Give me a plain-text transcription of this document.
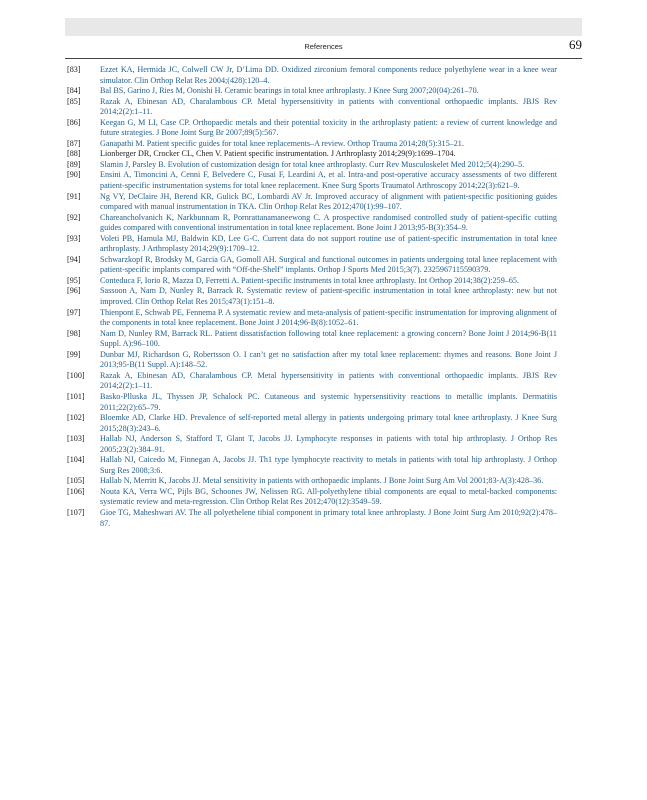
References	69
[83]	Ezzet KA, Hermida JC, Colwell CW Jr, D’Lima DD. Oxidized zirconium femoral components reduce polyethylene wear in a knee wear simulator. Clin Orthop Relat Res 2004;(428):120–4.
[84]	Bal BS, Garino J, Ries M, Oonishi H. Ceramic bearings in total knee arthroplasty. J Knee Surg 2007;20(04):261–70.
[85]	Razak A, Ebinesan AD, Charalambous CP. Metal hypersensitivity in patients with conventional orthopaedic implants. JBJS Rev 2014;2(2):1–11.
[86]	Keegan G, M LI, Case CP. Orthopaedic metals and their potential toxicity in the arthroplasty patient: a review of current knowledge and future strategies. J Bone Joint Surg Br 2007;89(5):567.
[87]	Ganapathi M. Patient specific guides for total knee replacements–A review. Orthop Trauma 2014;28(5):315–21.
[88]	Lionberger DR, Crocker CL, Chen V. Patient specific instrumentation. J Arthroplasty 2014;29(9):1699–1704.
[89]	Slamin J, Parsley B. Evolution of customization design for total knee arthroplasty. Curr Rev Musculoskelet Med 2012;5(4):290–5.
[90]	Ensini A, Timoncini A, Cenni F, Belvedere C, Fusai F, Leardini A, et al. Intra-and post-operative accuracy assessments of two different patient-specific instrumentation systems for total knee replacement. Knee Surg Sports Traumatol Arthroscopy 2014;22(3):621–9.
[91]	Ng VY, DeClaire JH, Berend KR, Gulick BC, Lombardi AV Jr. Improved accuracy of alignment with patient-specific positioning guides compared with manual instrumentation in TKA. Clin Orthop Relat Res 2012;470(1):99–107.
[92]	Chareancholvanich K, Narkbunnam R, Pornrattanamaneewong C. A prospective randomised controlled study of patient-specific cutting guides compared with conventional instrumentation in total knee replacement. Bone Joint J 2013;95-B(3):354–9.
[93]	Voleti PB, Hamula MJ, Baldwin KD, Lee G-C. Current data do not support routine use of patient-specific instrumentation in total knee arthroplasty. J Arthroplasty 2014;29(9):1709–12.
[94]	Schwarzkopf R, Brodsky M, Garcia GA, Gomoll AH. Surgical and functional outcomes in patients undergoing total knee replacement with patient-specific implants compared with “Off-the-Shelf” implants. Orthop J Sports Med 2015;3(7). 2325967115590379.
[95]	Conteduca F, Iorio R, Mazza D, Ferretti A. Patient-specific instruments in total knee arthroplasty. Int Orthop 2014;38(2):259–65.
[96]	Sassoon A, Nam D, Nunley R, Barrack R. Systematic review of patient-specific instrumentation in total knee arthroplasty: new but not improved. Clin Orthop Relat Res 2015;473(1):151–8.
[97]	Thienpont E, Schwab PE, Fennema P. A systematic review and meta-analysis of patient-specific instrumentation for improving alignment of the components in total knee replacement. Bone Joint J 2014;96-B(8):1052–61.
[98]	Nam D, Nunley RM, Barrack RL. Patient dissatisfaction following total knee replacement: a growing concern? Bone Joint J 2014;96-B(11 Suppl. A):96–100.
[99]	Dunbar MJ, Richardson G, Robertsson O. I can’t get no satisfaction after my total knee replacement: rhymes and reasons. Bone Joint J 2013;95-B(11 Suppl. A):148–52.
[100]	Razak A, Ebinesan AD, Charalambous CP. Metal hypersensitivity in patients with conventional orthopaedic implants. JBJS Rev 2014;2(2):1–11.
[101]	Basko-Plluska JL, Thyssen JP, Schalock PC. Cutaneous and systemic hypersensitivity reactions to metallic implants. Dermatitis 2011;22(2):65–79.
[102]	Bloemke AD, Clarke HD. Prevalence of self-reported metal allergy in patients undergoing primary total knee arthroplasty. J Knee Surg 2015;28(3):243–6.
[103]	Hallab NJ, Anderson S, Stafford T, Glant T, Jacobs JJ. Lymphocyte responses in patients with total hip arthroplasty. J Orthop Res 2005;23(2):384–91.
[104]	Hallab NJ, Caicedo M, Finnegan A, Jacobs JJ. Th1 type lymphocyte reactivity to metals in patients with total hip arthroplasty. J Orthop Surg Res 2008;3:6.
[105]	Hallab N, Merritt K, Jacobs JJ. Metal sensitivity in patients with orthopaedic implants. J Bone Joint Surg Am Vol 2001;83-A(3):428–36.
[106]	Nouta KA, Verra WC, Pijls BG, Schoones JW, Nelissen RG. All-polyethylene tibial components are equal to metal-backed components: systematic review and meta-regression. Clin Orthop Relat Res 2012;470(12):3549–59.
[107]	Gioe TG, Maheshwari AV. The all polyethelene tibial component in primary total knee arthroplasty. J Bone Joint Surg Am 2010;92(2):478–87.
